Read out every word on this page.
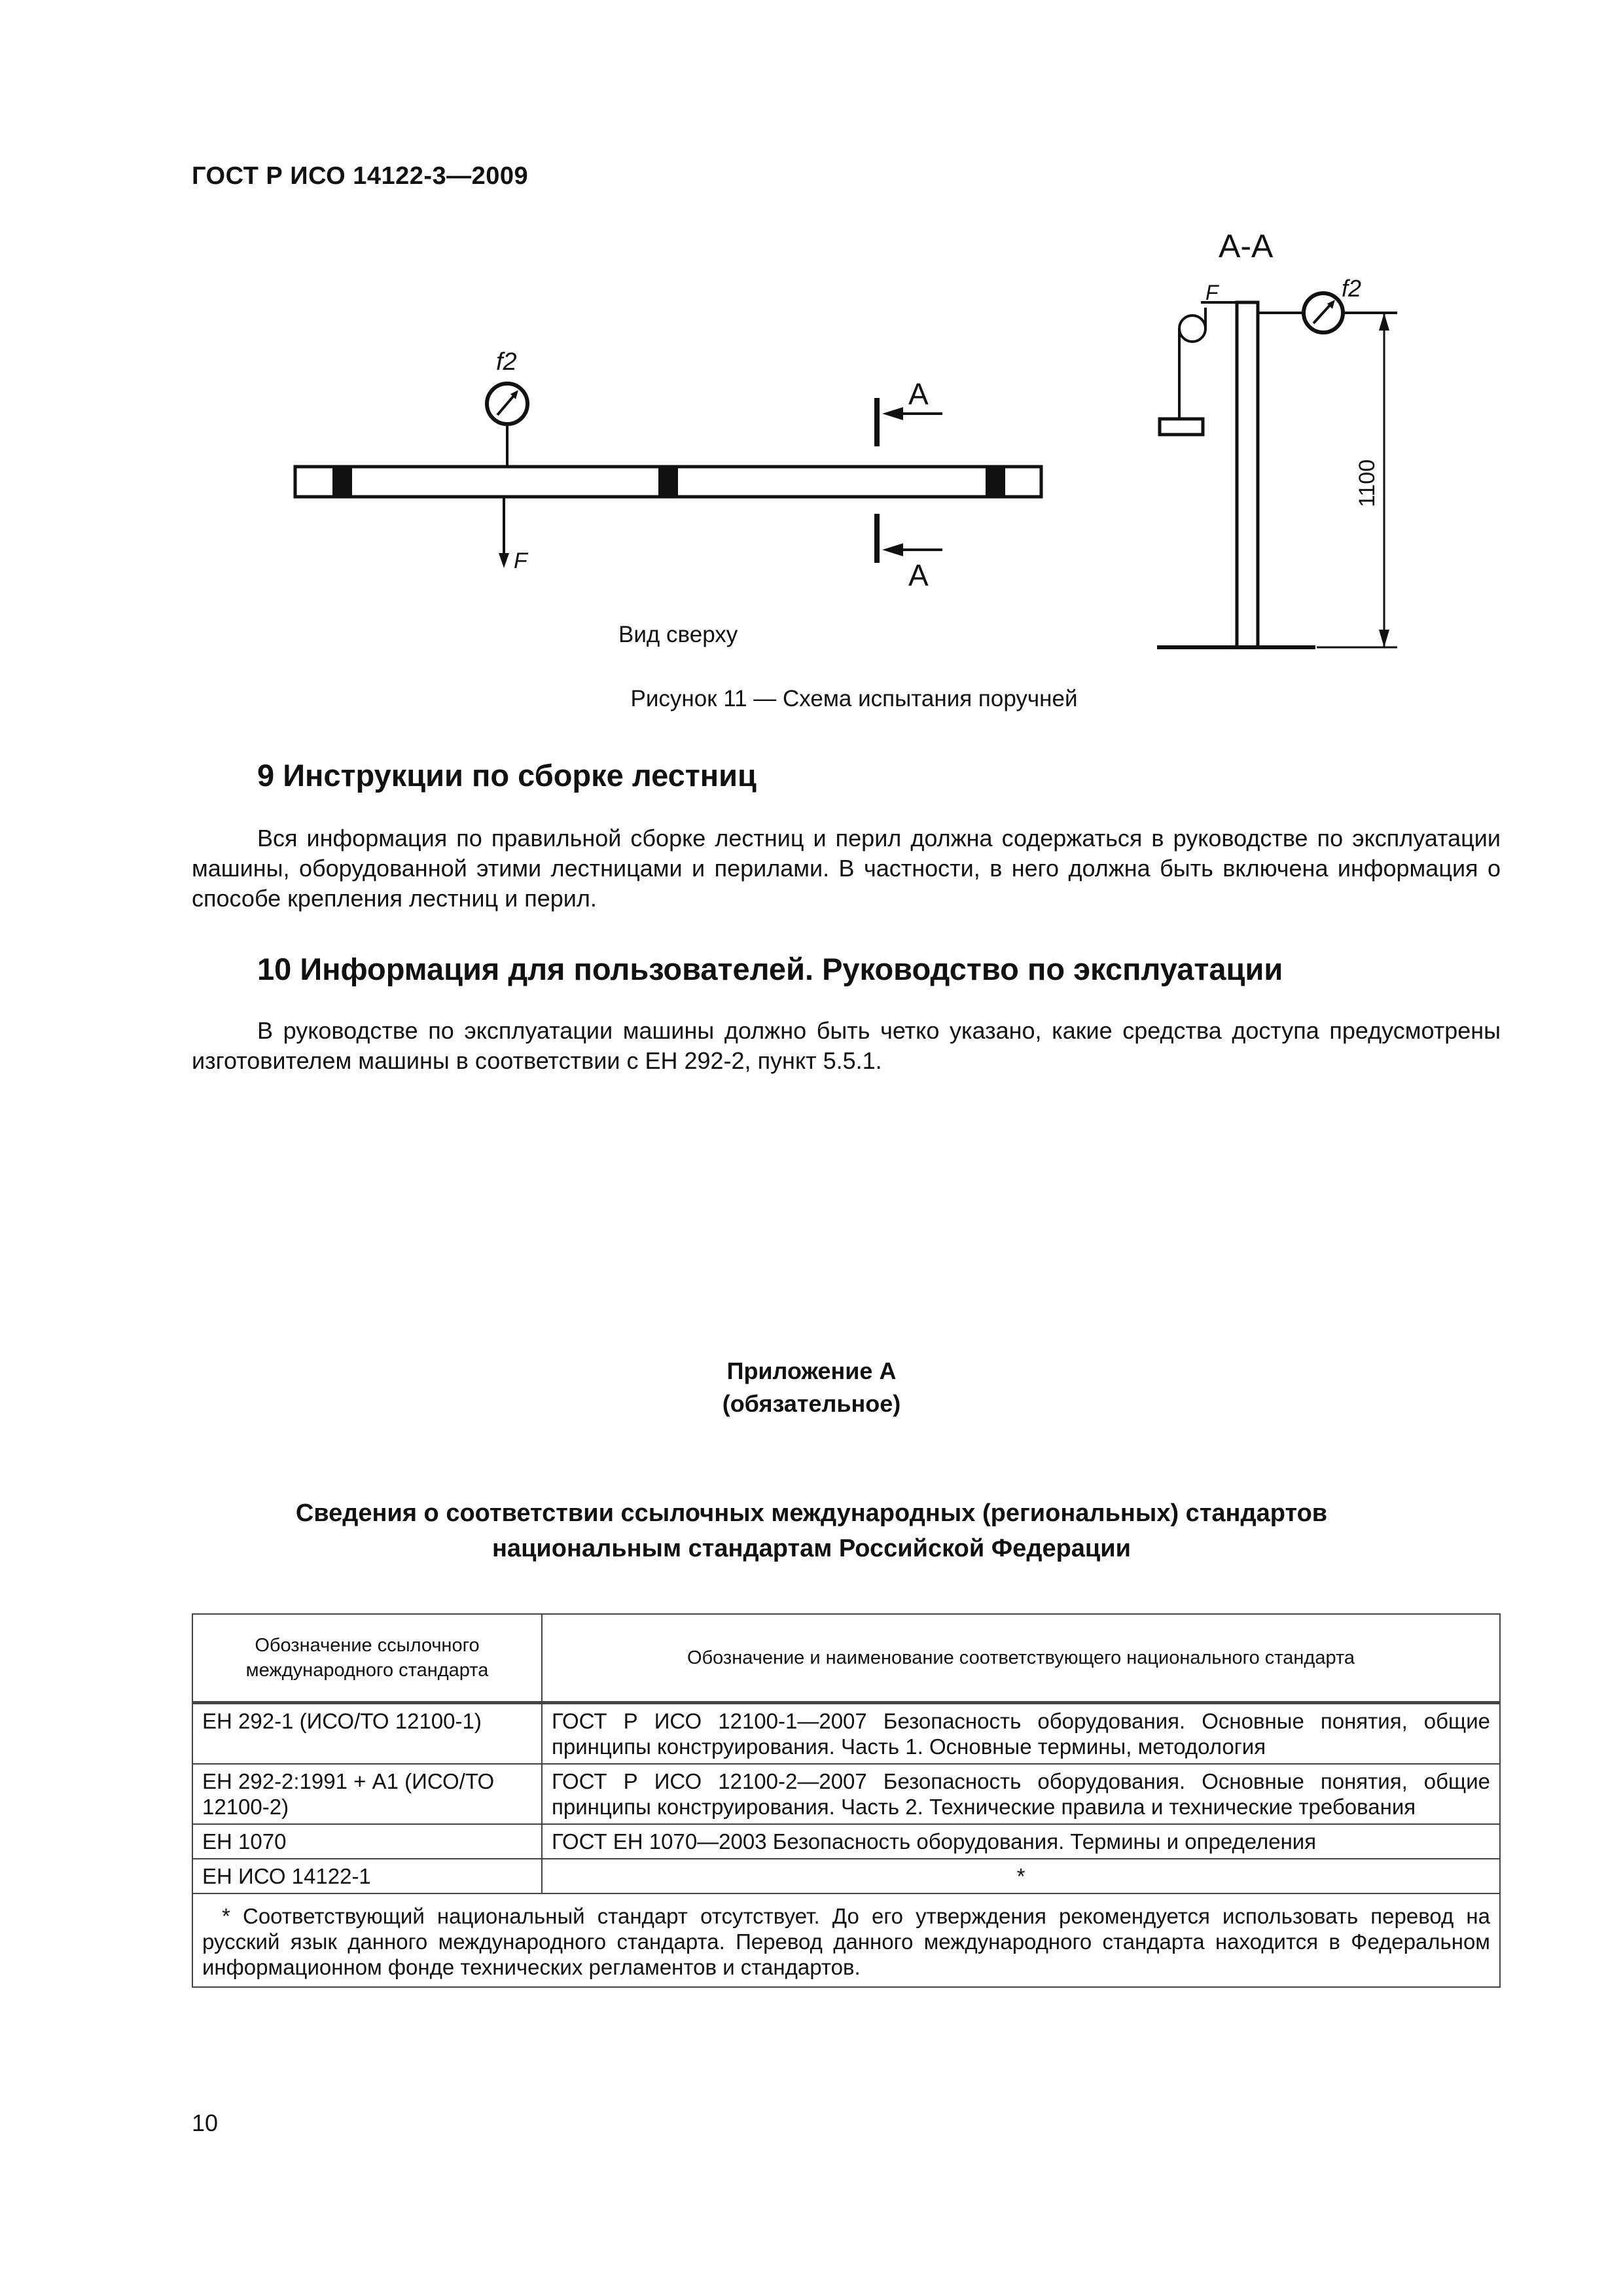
ГОСТ Р ИСО 14122-3—2009
f2
F
А
А
А-А
f2
F
1100
Вид сверху
Рисунок 11 — Схема испытания поручней
9 Инструкции по сборке лестниц
Вся информация по правильной сборке лестниц и перил должна содержаться в руководстве по эксплуатации машины, оборудованной этими лестницами и перилами. В частности, в него должна быть включена информация о способе крепления лестниц и перил.
10 Информация для пользователей. Руководство по эксплуатации
В руководстве по эксплуатации машины должно быть четко указано, какие средства доступа предусмотрены изготовителем машины в соответствии с ЕН 292-2, пункт 5.5.1.
Приложение А
(обязательное)
Сведения о соответствии ссылочных международных (региональных) стандартов
национальным стандартам Российской Федерации
Обозначение ссылочного международного стандарта	Обозначение и наименование соответствующего национального стандарта
ЕН 292-1 (ИСО/ТО 12100-1)	ГОСТ Р ИСО 12100-1—2007 Безопасность оборудования. Основные понятия, общие принципы конструирования. Часть 1. Основные термины, методология
ЕН 292-2:1991 + А1 (ИСО/ТО 12100-2)	ГОСТ Р ИСО 12100-2—2007 Безопасность оборудования. Основные понятия, общие принципы конструирования. Часть 2. Технические правила и технические требования
ЕН 1070	ГОСТ ЕН 1070—2003 Безопасность оборудования. Термины и определения
ЕН ИСО 14122-1	*
* Соответствующий национальный стандарт отсутствует. До его утверждения рекомендуется использовать перевод на русский язык данного международного стандарта. Перевод данного международного стандарта находится в Федеральном информационном фонде технических регламентов и стандартов.	
10
